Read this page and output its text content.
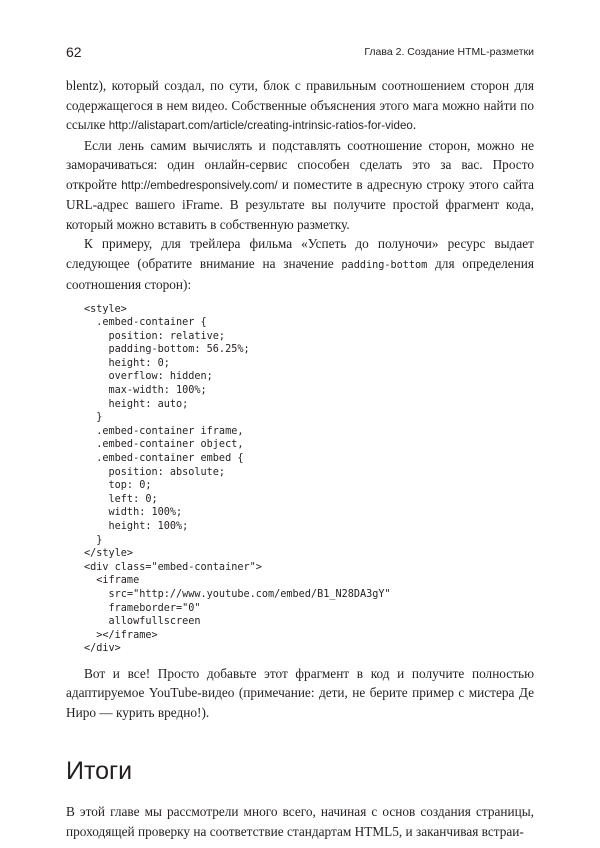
62	Глава 2. Создание HTML-разметки

blentz), который создал, по сути, блок с правильным соотношением сторон для содержащегося в нем видео. Собственные объяснения этого мага можно найти по ссылке http://alistapart.com/article/creating-intrinsic-ratios-for-video.

Если лень самим вычислять и подставлять соотношение сторон, можно не заморачиваться: один онлайн-сервис способен сделать это за вас. Просто откройте http://embedresponsively.com/ и поместите в адресную строку этого сайта URL-адрес вашего iFrame. В результате вы получите простой фрагмент кода, который можно вставить в собственную разметку.

К примеру, для трейлера фильма «Успеть до полуночи» ресурс выдает следующее (обратите внимание на значение padding-bottom для определения соотношения сторон):

<style>
.embed-container {
position: relative;
padding-bottom: 56.25%;
height: 0;
overflow: hidden;
max-width: 100%;
height: auto;
}
.embed-container iframe,
.embed-container object,
.embed-container embed {
position: absolute;
top: 0;
left: 0;
width: 100%;
height: 100%;
}
</style>
<div class="embed-container">
<iframe
src="http://www.youtube.com/embed/B1_N28DA3gY"
frameborder="0"
allowfullscreen
></iframe>
</div>

Вот и все! Просто добавьте этот фрагмент в код и получите полностью адаптируемое YouTube-видео (примечание: дети, не берите пример с мистера Де Ниро — курить вредно!).

Итоги

В этой главе мы рассмотрели много всего, начиная с основ создания страницы, проходящей проверку на соответствие стандартам HTML5, и заканчивая встраи-
